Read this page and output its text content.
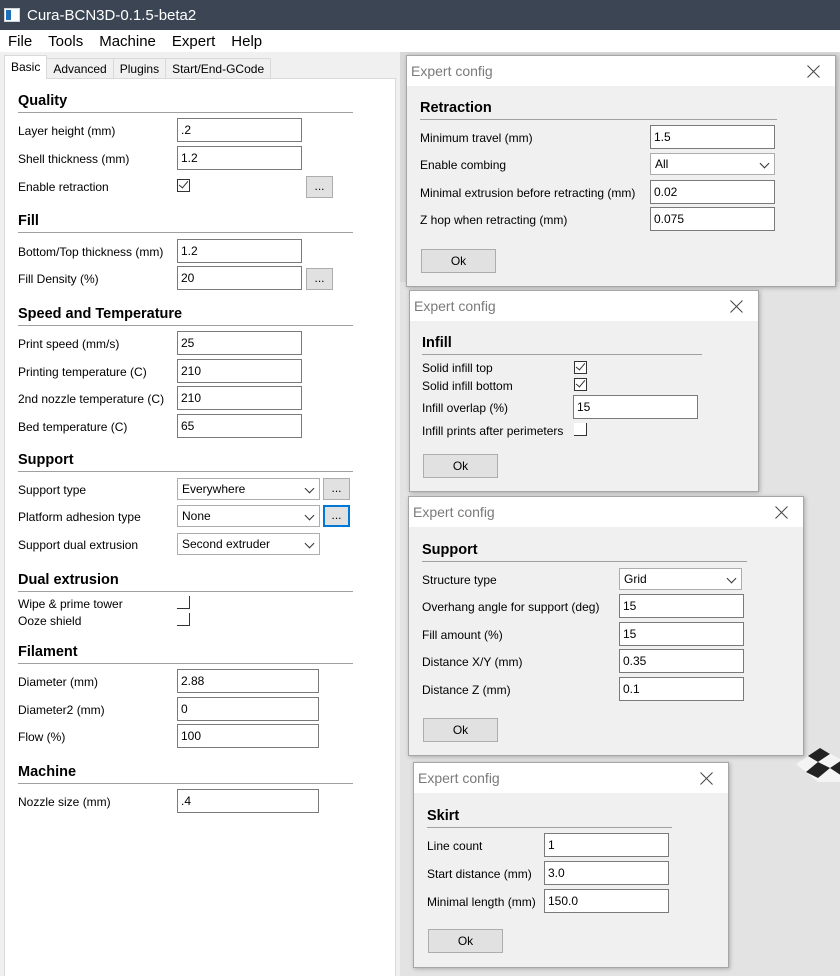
Cura-BCN3D-0.1.5-beta2
File	Tools	Machine	Expert	Help
Basic	Advanced	Plugins	Start/End-GCode
Quality
Layer height (mm)	.2
Shell thickness (mm)	1.2
Enable retraction	...
Fill
Bottom/Top thickness (mm)	1.2
Fill Density (%)	20	...
Speed and Temperature
Print speed (mm/s)	25
Printing temperature (C)	210
2nd nozzle temperature (C)	210
Bed temperature (C)	65
Support
Support type	Everywhere	...
Platform adhesion type	None	...
Support dual extrusion	Second extruder
Dual extrusion
Wipe & prime tower
Ooze shield
Filament
Diameter (mm)	2.88
Diameter2 (mm)	0
Flow (%)	100
Machine
Nozzle size (mm)	.4
Expert config
Retraction
Minimum travel (mm)	1.5
Enable combing	All
Minimal extrusion before retracting (mm)	0.02
Z hop when retracting (mm)	0.075
Ok
Expert config
Infill
Solid infill top
Solid infill bottom
Infill overlap (%)	15
Infill prints after perimeters
Ok
Expert config
Support
Structure type	Grid
Overhang angle for support (deg)	15
Fill amount (%)	15
Distance X/Y (mm)	0.35
Distance Z (mm)	0.1
Ok
Expert config
Skirt
Line count	1
Start distance (mm)	3.0
Minimal length (mm)	150.0
Ok
